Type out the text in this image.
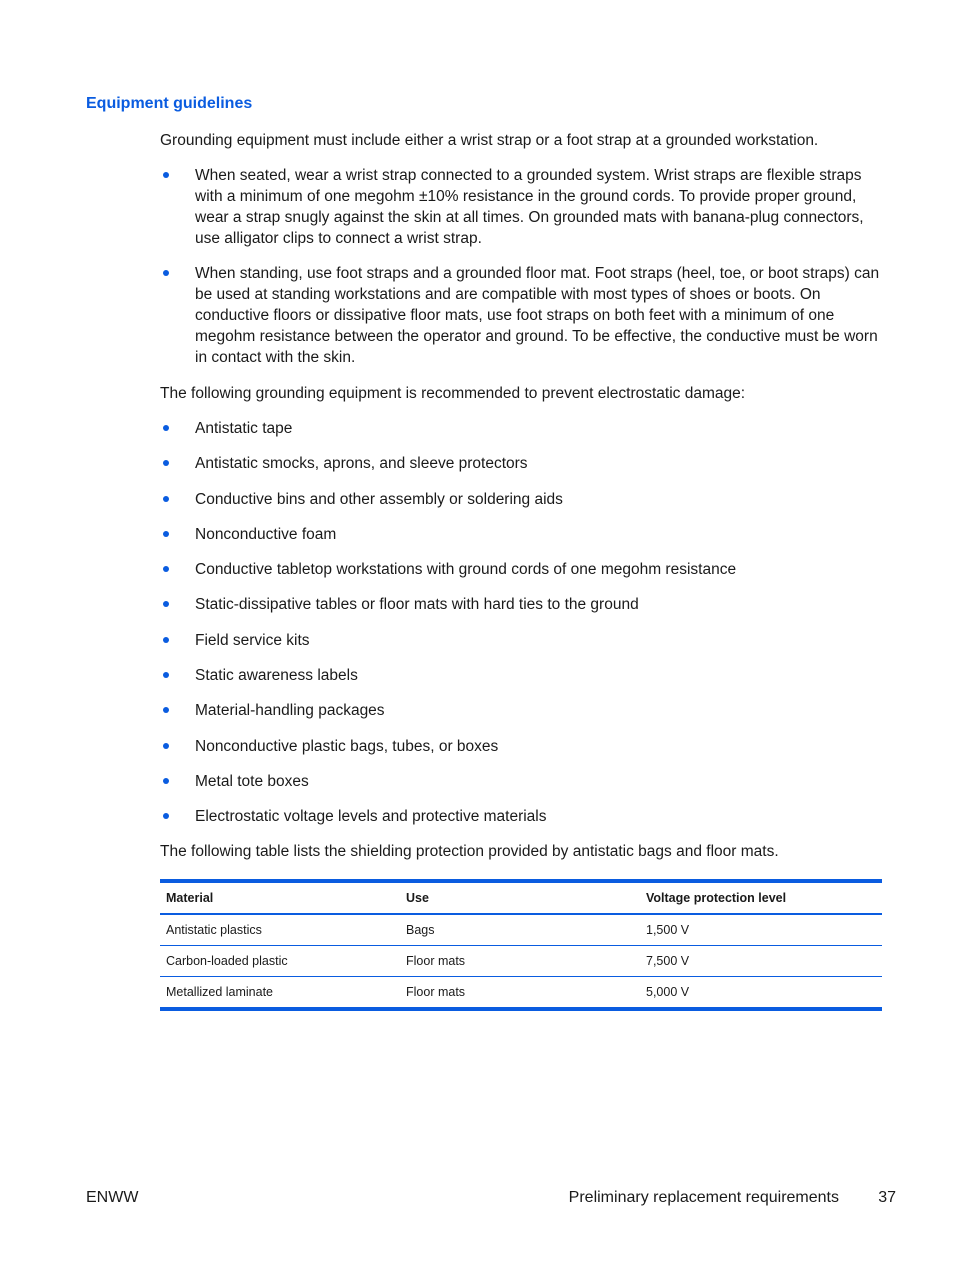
Equipment guidelines

Grounding equipment must include either a wrist strap or a foot strap at a grounded workstation.

When seated, wear a wrist strap connected to a grounded system. Wrist straps are flexible straps with a minimum of one megohm ±10% resistance in the ground cords. To provide proper ground, wear a strap snugly against the skin at all times. On grounded mats with banana-plug connectors, use alligator clips to connect a wrist strap.
When standing, use foot straps and a grounded floor mat. Foot straps (heel, toe, or boot straps) can be used at standing workstations and are compatible with most types of shoes or boots. On conductive floors or dissipative floor mats, use foot straps on both feet with a minimum of one megohm resistance between the operator and ground. To be effective, the conductive must be worn in contact with the skin.

The following grounding equipment is recommended to prevent electrostatic damage:

Antistatic tape
Antistatic smocks, aprons, and sleeve protectors
Conductive bins and other assembly or soldering aids
Nonconductive foam
Conductive tabletop workstations with ground cords of one megohm resistance
Static-dissipative tables or floor mats with hard ties to the ground
Field service kits
Static awareness labels
Material-handling packages
Nonconductive plastic bags, tubes, or boxes
Metal tote boxes
Electrostatic voltage levels and protective materials

The following table lists the shielding protection provided by antistatic bags and floor mats.

Material	Use	Voltage protection level
Antistatic plastics	Bags	1,500 V
Carbon-loaded plastic	Floor mats	7,500 V
Metallized laminate	Floor mats	5,000 V
ENWW	Preliminary replacement requirements 37
